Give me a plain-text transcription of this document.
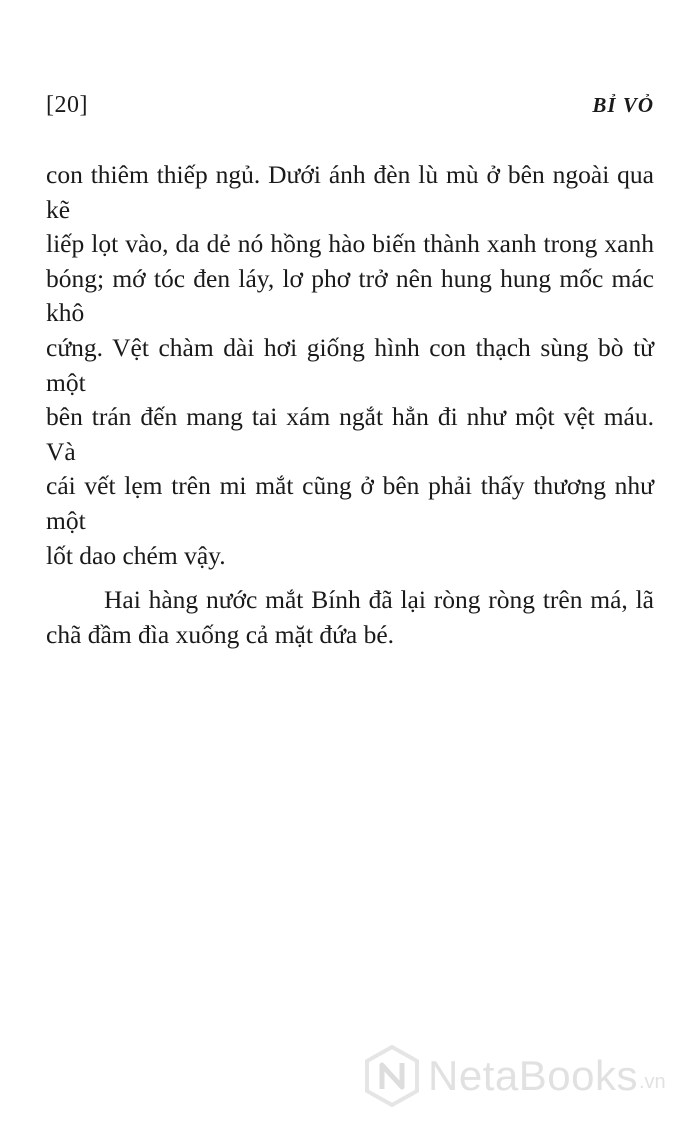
[20]	BỈ VỎ

con thiêm thiếp ngủ. Dưới ánh đèn lù mù ở bên ngoài qua kẽ
liếp lọt vào, da dẻ nó hồng hào biến thành xanh trong xanh
bóng; mớ tóc đen láy, lơ phơ trở nên hung hung mốc mác khô
cứng. Vệt chàm dài hơi giống hình con thạch sùng bò từ một
bên trán đến mang tai xám ngắt hẳn đi như một vệt máu. Và
cái vết lẹm trên mi mắt cũng ở bên phải thấy thương như một
lốt dao chém vậy.

Hai hàng nước mắt Bính đã lại ròng ròng trên má, lã
chã đầm đìa xuống cả mặt đứa bé.

NetaBooks .vn
